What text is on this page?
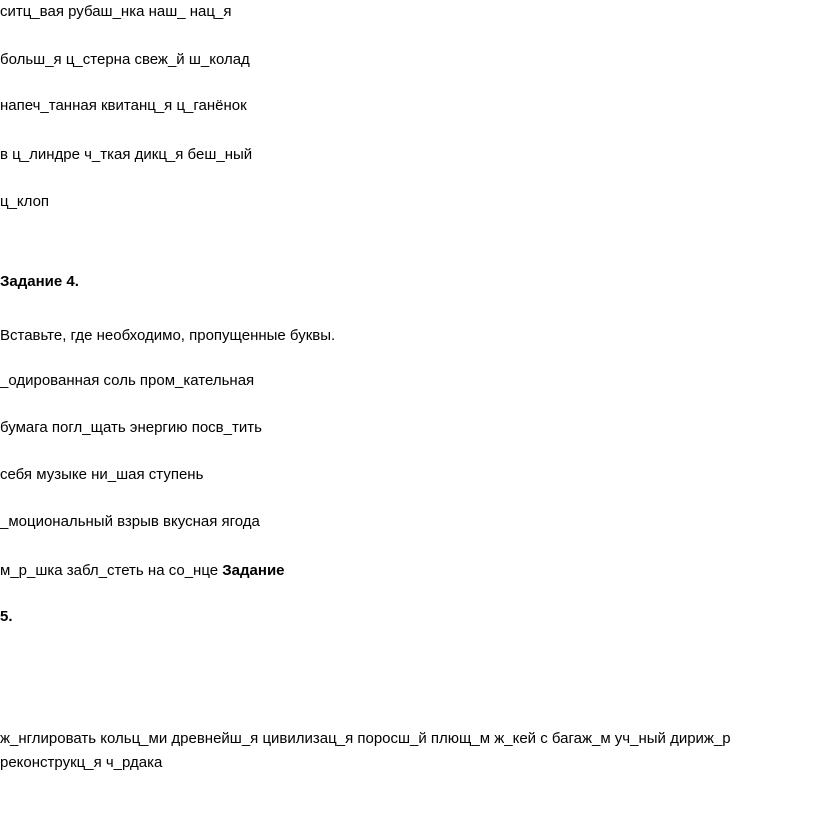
ситц_вая рубаш_нка наш_ нац_я

больш_я ц_стерна свеж_й ш_колад

напеч_танная квитанц_я ц_ганёнок

в ц_линдре ч_ткая дикц_я беш_ный

ц_клоп

Задание 4.

Вставьте, где необходимо, пропущенные буквы.

_одированная соль пром_кательная

бумага погл_щать энергию посв_тить

себя музыке ни_шая ступень

_моциональный взрыв вкусная ягода

м_р_шка забл_стеть на со_нце Задание

5.

ж_нглировать кольц_ми древнейш_я цивилизац_я поросш_й плющ_м ж_кей с багаж_м уч_ный дириж_р

реконструкц_я ч_рдака
